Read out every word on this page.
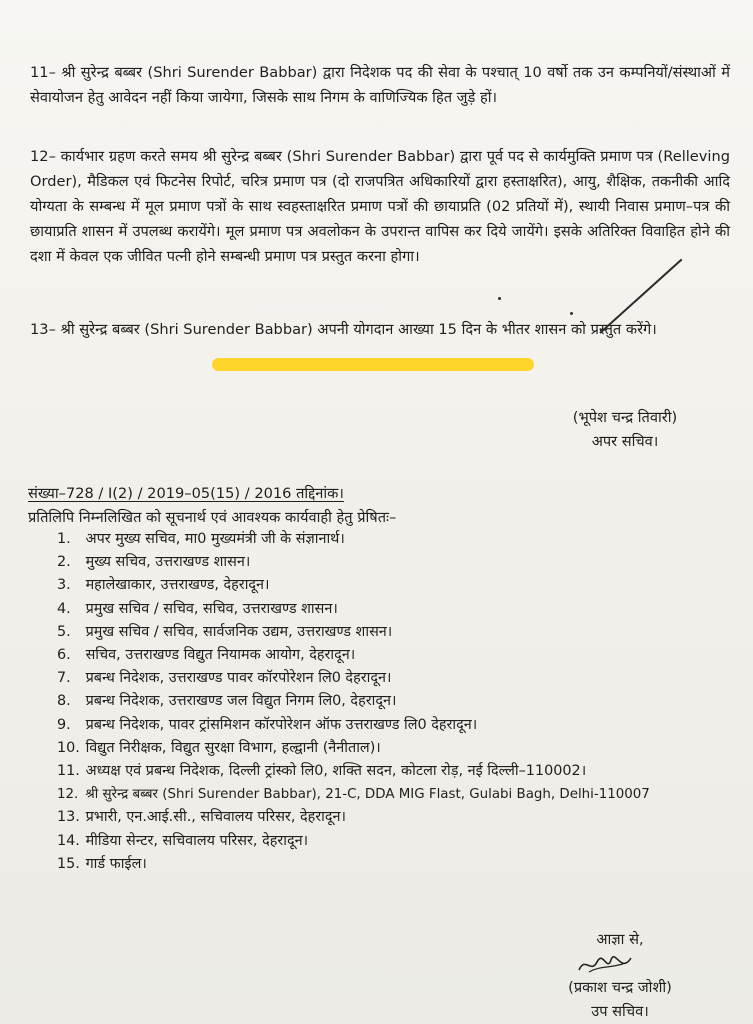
11– श्री सुरेन्द्र बब्बर (Shri Surender Babbar) द्वारा निदेशक पद की सेवा के पश्चात् 10 वर्षो तक उन कम्पनियों/संस्थाओं में सेवायोजन हेतु आवेदन नहीं किया जायेगा, जिसके साथ निगम के वाणिज्यिक हित जुड़े हों।

12– कार्यभार ग्रहण करते समय श्री सुरेन्द्र बब्बर (Shri Surender Babbar) द्वारा पूर्व पद से कार्यमुक्ति प्रमाण पत्र (Relleving Order), मैडिकल एवं फिटनेस रिपोर्ट, चरित्र प्रमाण पत्र (दो राजपत्रित अधिकारियों द्वारा हस्ताक्षरित), आयु, शैक्षिक, तकनीकी आदि योग्यता के सम्बन्ध में मूल प्रमाण पत्रों के साथ स्वहस्ताक्षरित प्रमाण पत्रों की छायाप्रति (02 प्रतियों में), स्थायी निवास प्रमाण–पत्र की छायाप्रति शासन में उपलब्ध करायेंगे। मूल प्रमाण पत्र अवलोकन के उपरान्त वापिस कर दिये जायेंगे। इसके अतिरिक्त विवाहित होने की दशा में केवल एक जीवित पत्नी होने सम्बन्धी प्रमाण पत्र प्रस्तुत करना होगा।

13– श्री सुरेन्द्र बब्बर (Shri Surender Babbar) अपनी योगदान आख्या 15 दिन के भीतर शासन को प्रस्तुत करेंगे।

(भूपेश चन्द्र तिवारी)
अपर सचिव।
संख्या–728 / I(2) / 2019–05(15) / 2016 तद्दिनांक।
प्रतिलिपि निम्नलिखित को सूचनार्थ एवं आवश्यक कार्यवाही हेतु प्रेषितः–
1. अपर मुख्य सचिव, मा0 मुख्यमंत्री जी के संज्ञानार्थ।
2. मुख्य सचिव, उत्तराखण्ड शासन।
3. महालेखाकार, उत्तराखण्ड, देहरादून।
4. प्रमुख सचिव / सचिव, सचिव, उत्तराखण्ड शासन।
5. प्रमुख सचिव / सचिव, सार्वजनिक उद्यम, उत्तराखण्ड शासन।
6. सचिव, उत्तराखण्ड विद्युत नियामक आयोग, देहरादून।
7. प्रबन्ध निदेशक, उत्तराखण्ड पावर कॉरपोरेशन लि0 देहरादून।
8. प्रबन्ध निदेशक, उत्तराखण्ड जल विद्युत निगम लि0, देहरादून।
9. प्रबन्ध निदेशक, पावर ट्रांसमिशन कॉरपोरेशन ऑफ उत्तराखण्ड लि0 देहरादून।
10. विद्युत निरीक्षक, विद्युत सुरक्षा विभाग, हल्द्वानी (नैनीताल)।
11. अध्यक्ष एवं प्रबन्ध निदेशक, दिल्ली ट्रांस्को लि0, शक्ति सदन, कोटला रोड़, नई दिल्ली–110002।
12. श्री सुरेन्द्र बब्बर (Shri Surender Babbar), 21-C, DDA MIG Flast, Gulabi Bagh, Delhi-110007
13. प्रभारी, एन.आई.सी., सचिवालय परिसर, देहरादून।
14. मीडिया सेन्टर, सचिवालय परिसर, देहरादून।
15. गार्ड फाईल।
आज्ञा से,
(प्रकाश चन्द्र जोशी)
उप सचिव।
